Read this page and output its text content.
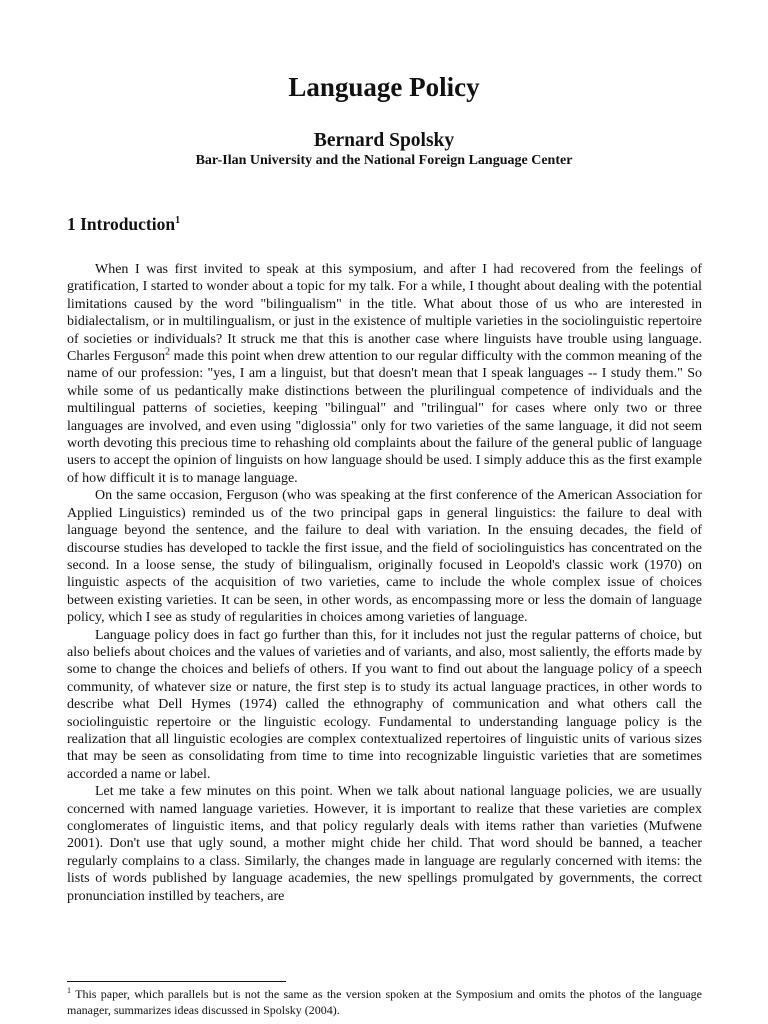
Language Policy
Bernard Spolsky
Bar-Ilan University and the National Foreign Language Center
1 Introduction$^1$

When I was first invited to speak at this symposium, and after I had recovered from the feelings of gratification, I started to wonder about a topic for my talk. For a while, I thought about dealing with the potential limitations caused by the word "bilingualism" in the title. What about those of us who are interested in bidialectalism, or in multilingualism, or just in the existence of multiple varieties in the sociolinguistic repertoire of societies or individuals? It struck me that this is another case where linguists have trouble using language. Charles Ferguson$^2$ made this point when drew attention to our regular difficulty with the common meaning of the name of our profession: "yes, I am a linguist, but that doesn't mean that I speak languages -- I study them." So while some of us pedantically make distinctions between the plurilingual competence of individuals and the multilingual patterns of societies, keeping "bilingual" and "trilingual" for cases where only two or three languages are involved, and even using "diglossia" only for two varieties of the same language, it did not seem worth devoting this precious time to rehashing old complaints about the failure of the general public of language users to accept the opinion of linguists on how language should be used. I simply adduce this as the first example of how difficult it is to manage language.

On the same occasion, Ferguson (who was speaking at the first conference of the American Association for Applied Linguistics) reminded us of the two principal gaps in general linguistics: the failure to deal with language beyond the sentence, and the failure to deal with variation. In the ensuing decades, the field of discourse studies has developed to tackle the first issue, and the field of sociolinguistics has concentrated on the second. In a loose sense, the study of bilingualism, originally focused in Leopold's classic work (1970) on linguistic aspects of the acquisition of two varieties, came to include the whole complex issue of choices between existing varieties. It can be seen, in other words, as encompassing more or less the domain of language policy, which I see as study of regularities in choices among varieties of language.

Language policy does in fact go further than this, for it includes not just the regular patterns of choice, but also beliefs about choices and the values of varieties and of variants, and also, most saliently, the efforts made by some to change the choices and beliefs of others. If you want to find out about the language policy of a speech community, of whatever size or nature, the first step is to study its actual language practices, in other words to describe what Dell Hymes (1974) called the ethnography of communication and what others call the sociolinguistic repertoire or the linguistic ecology. Fundamental to understanding language policy is the realization that all linguistic ecologies are complex contextualized repertoires of linguistic units of various sizes that may be seen as consolidating from time to time into recognizable linguistic varieties that are sometimes accorded a name or label.

Let me take a few minutes on this point. When we talk about national language policies, we are usually concerned with named language varieties. However, it is important to realize that these varieties are complex conglomerates of linguistic items, and that policy regularly deals with items rather than varieties (Mufwene 2001). Don't use that ugly sound, a mother might chide her child. That word should be banned, a teacher regularly complains to a class. Similarly, the changes made in language are regularly concerned with items: the lists of words published by language academies, the new spellings promulgated by governments, the correct pronunciation instilled by teachers, are

$^1$ This paper, which parallels but is not the same as the version spoken at the Symposium and omits the photos of the language manager, summarizes ideas discussed in Spolsky (2004).
